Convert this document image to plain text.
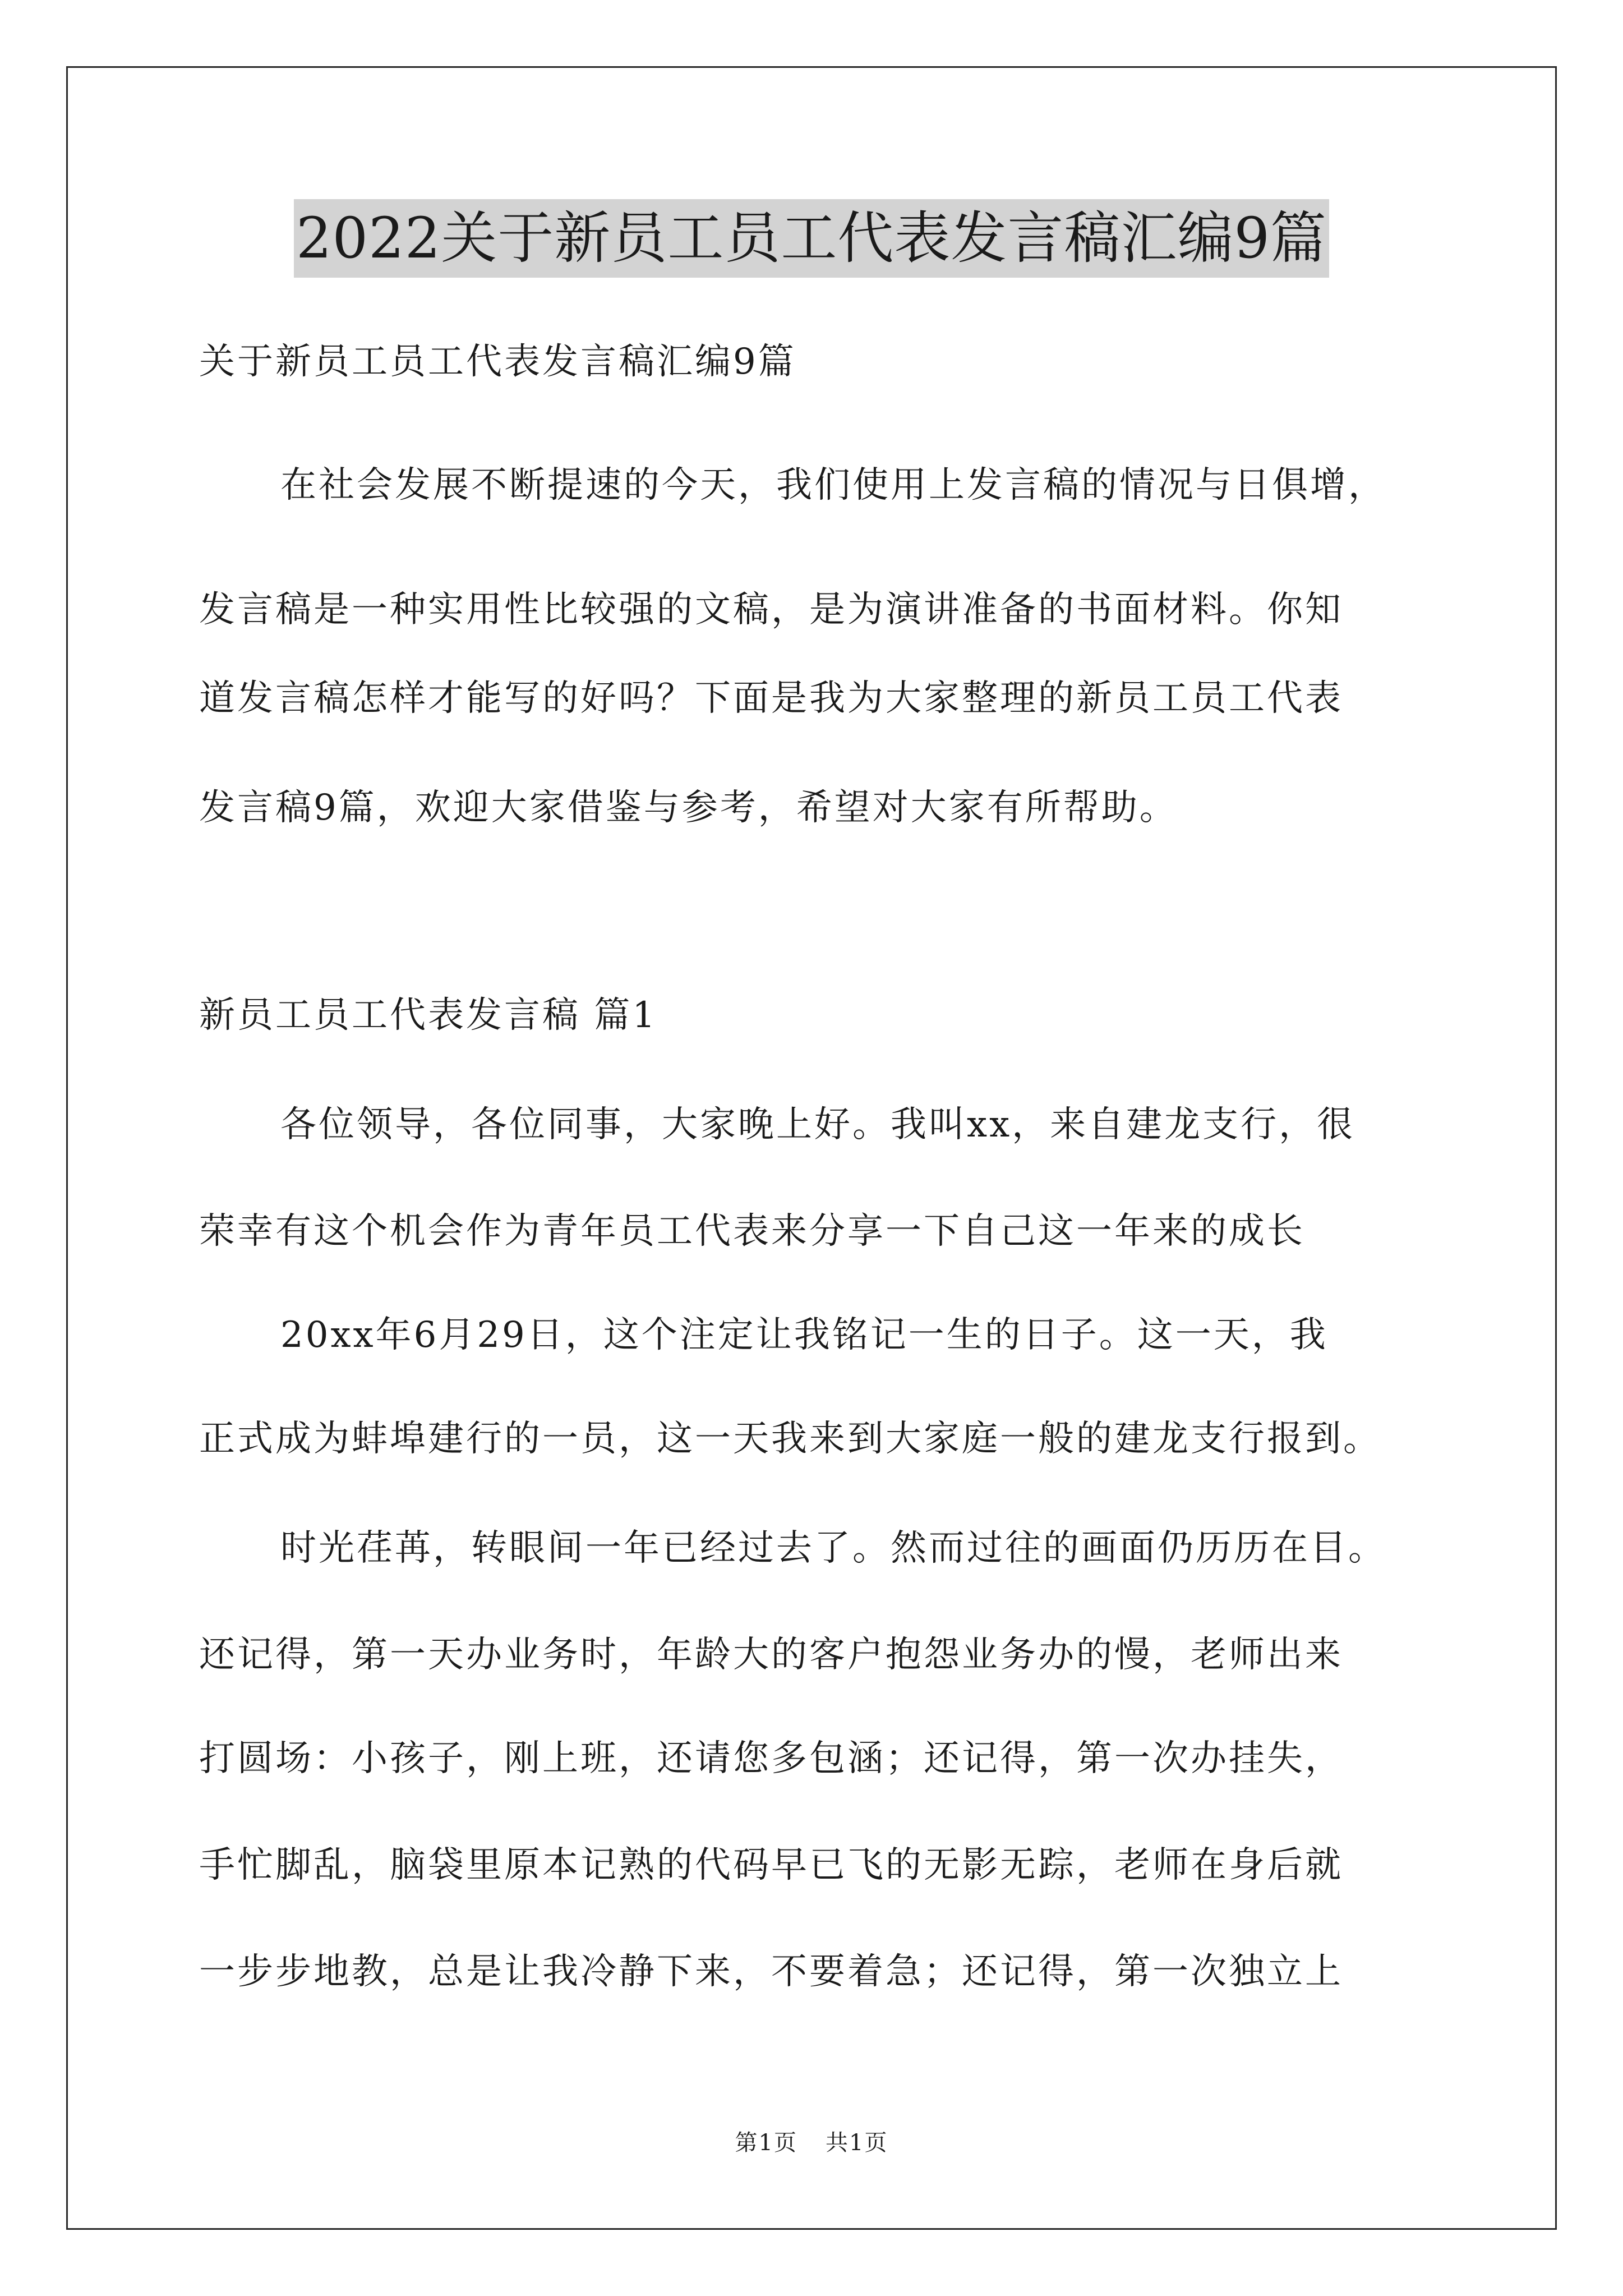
2022关于新员工员工代表发言稿汇编9篇
关于新员工员工代表发言稿汇编9篇
在社会发展不断提速的今天，我们使用上发言稿的情况与日俱增，
发言稿是一种实用性比较强的文稿，是为演讲准备的书面材料。你知
道发言稿怎样才能写的好吗？下面是我为大家整理的新员工员工代表
发言稿9篇，欢迎大家借鉴与参考，希望对大家有所帮助。
新员工员工代表发言稿 篇1
各位领导，各位同事，大家晚上好。我叫xx，来自建龙支行，很
荣幸有这个机会作为青年员工代表来分享一下自己这一年来的成长
20xx年6月29日，这个注定让我铭记一生的日子。这一天，我
正式成为蚌埠建行的一员，这一天我来到大家庭一般的建龙支行报到。
时光荏苒，转眼间一年已经过去了。然而过往的画面仍历历在目。
还记得，第一天办业务时，年龄大的客户抱怨业务办的慢，老师出来
打圆场：小孩子，刚上班，还请您多包涵；还记得，第一次办挂失，
手忙脚乱，脑袋里原本记熟的代码早已飞的无影无踪，老师在身后就
一步步地教，总是让我冷静下来，不要着急；还记得，第一次独立上
第1页 共1页
